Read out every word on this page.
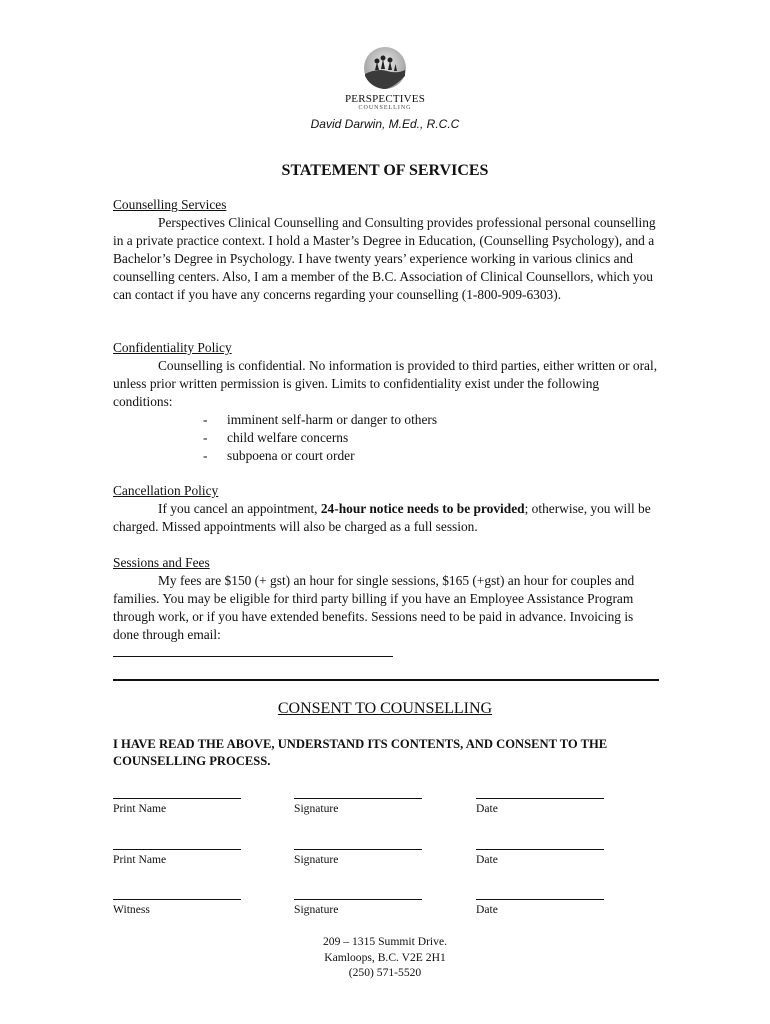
PERSPECTIVES
COUNSELLING
David Darwin, M.Ed., R.C.C
STATEMENT OF SERVICES
Counselling Services
Perspectives Clinical Counselling and Consulting provides professional personal counselling in a private practice context. I hold a Master’s Degree in Education, (Counselling Psychology), and a Bachelor’s Degree in Psychology. I have twenty years’ experience working in various clinics and counselling centers. Also, I am a member of the B.C. Association of Clinical Counsellors, which you can contact if you have any concerns regarding your counselling (1-800-909-6303).
Confidentiality Policy
Counselling is confidential. No information is provided to third parties, either written or oral, unless prior written permission is given. Limits to confidentiality exist under the following conditions:
- imminent self-harm or danger to others
- child welfare concerns
- subpoena or court order
Cancellation Policy
If you cancel an appointment, 24-hour notice needs to be provided; otherwise, you will be charged. Missed appointments will also be charged as a full session.
Sessions and Fees
My fees are $150 (+ gst) an hour for single sessions, $165 (+gst) an hour for couples and families. You may be eligible for third party billing if you have an Employee Assistance Program through work, or if you have extended benefits. Sessions need to be paid in advance. Invoicing is done through email:
CONSENT TO COUNSELLING
I HAVE READ THE ABOVE, UNDERSTAND ITS CONTENTS, AND CONSENT TO THE COUNSELLING PROCESS.
Print Name	Signature	Date
Print Name	Signature	Date
Witness	Signature	Date
209 – 1315 Summit Drive.
Kamloops, B.C. V2E 2H1
(250) 571-5520
